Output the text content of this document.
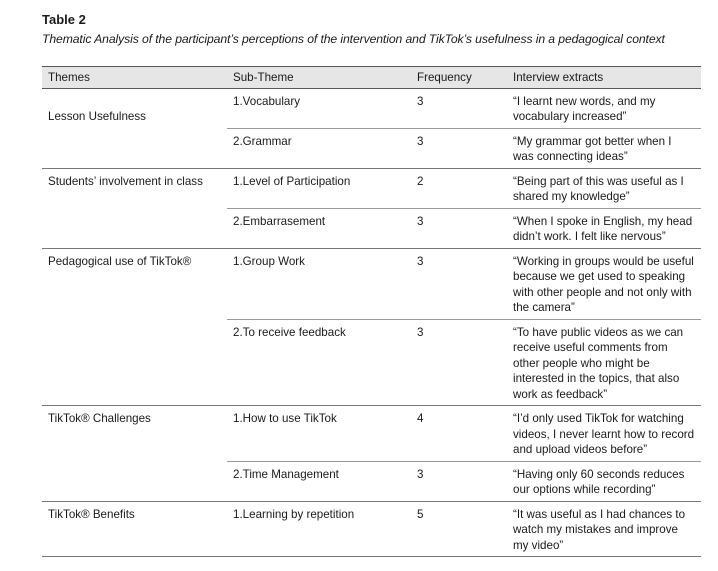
Table 2
Thematic Analysis of the participant’s perceptions of the intervention and TikTok’s usefulness in a pedagogical context
Themes	Sub-Theme	Frequency	Interview extracts
Lesson Usefulness	1.Vocabulary	3	“I learnt new words, and my vocabulary increased”
	2.Grammar	3	“My grammar got better when I was connecting ideas”
Students’ involvement in class	1.Level of Participation	2	“Being part of this was useful as I shared my knowledge”
	2.Embarrasement	3	“When I spoke in English, my head didn’t work. I felt like nervous”
Pedagogical use of TikTok®	1.Group Work	3	“Working in groups would be useful because we get used to speaking with other people and not only with the camera”
	2.To receive feedback	3	“To have public videos as we can receive useful comments from other people who might be interested in the topics, that also work as feedback”
TikTok® Challenges	1.How to use TikTok	4	“I’d only used TikTok for watching videos, I never learnt how to record and upload videos before”
	2.Time Management	3	“Having only 60 seconds reduces our options while recording”
TikTok® Benefits	1.Learning by repetition	5	“It was useful as I had chances to watch my mistakes and improve my video”
